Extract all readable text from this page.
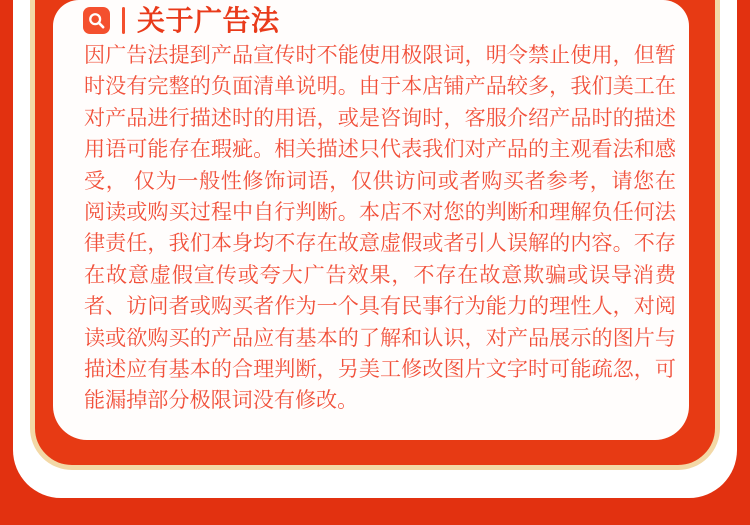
关于广告法

因广告法提到产品宣传时不能使用极限词，明令禁止使用，但暂时没有完整的负面清单说明。由于本店铺产品较多，我们美工在对产品进行描述时的用语，或是咨询时，客服介绍产品时的描述用语可能存在瑕疵。相关描述只代表我们对产品的主观看法和感受， 仅为一般性修饰词语，仅供访问或者购买者参考，请您在阅读或购买过程中自行判断。本店不对您的判断和理解负任何法律责任，我们本身均不存在故意虚假或者引人误解的内容。不存在故意虚假宣传或夸大广告效果，不存在故意欺骗或误导消费者、访问者或购买者作为一个具有民事行为能力的理性人，对阅读或欲购买的产品应有基本的了解和认识，对产品展示的图片与描述应有基本的合理判断，另美工修改图片文字时可能疏忽，可能漏掉部分极限词没有修改。
